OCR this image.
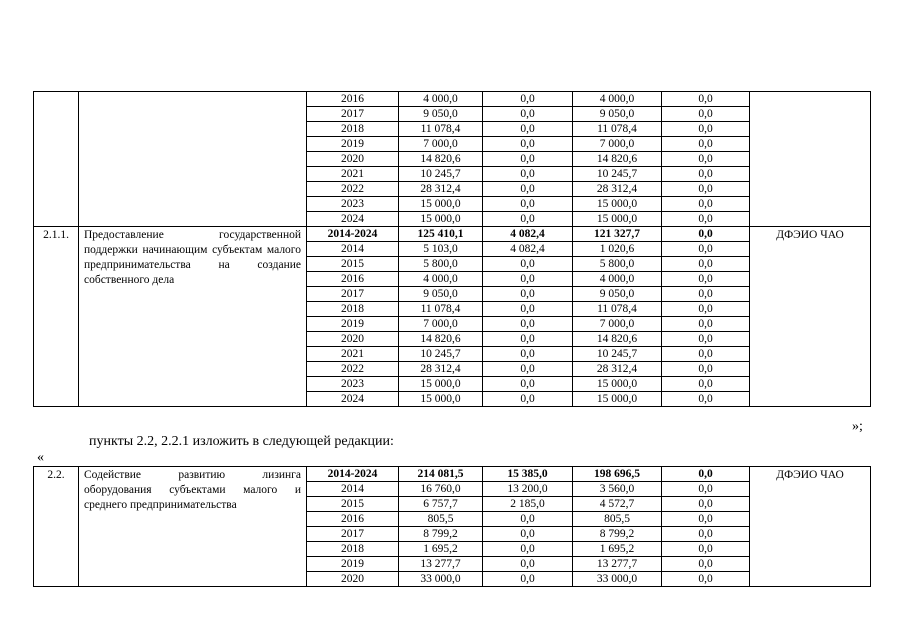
		2016	4 000,0	0,0	4 000,0	0,0	
		2017	9 050,0	0,0	9 050,0	0,0	
		2018	11 078,4	0,0	11 078,4	0,0	
		2019	7 000,0	0,0	7 000,0	0,0	
		2020	14 820,6	0,0	14 820,6	0,0	
		2021	10 245,7	0,0	10 245,7	0,0	
		2022	28 312,4	0,0	28 312,4	0,0	
		2023	15 000,0	0,0	15 000,0	0,0	
		2024	15 000,0	0,0	15 000,0	0,0	
2.1.1.	Предоставление государственной поддержки начинающим субъектам малого предпринимательства на создание собственного дела	2014-2024	125 410,1	4 082,4	121 327,7	0,0	ДФЭИО ЧАО
		2014	5 103,0	4 082,4	1 020,6	0,0	
		2015	5 800,0	0,0	5 800,0	0,0	
		2016	4 000,0	0,0	4 000,0	0,0	
		2017	9 050,0	0,0	9 050,0	0,0	
		2018	11 078,4	0,0	11 078,4	0,0	
		2019	7 000,0	0,0	7 000,0	0,0	
		2020	14 820,6	0,0	14 820,6	0,0	
		2021	10 245,7	0,0	10 245,7	0,0	
		2022	28 312,4	0,0	28 312,4	0,0	
		2023	15 000,0	0,0	15 000,0	0,0	
		2024	15 000,0	0,0	15 000,0	0,0	
»;
пункты 2.2, 2.2.1 изложить в следующей редакции:
«
2.2.	Содействие развитию лизинга оборудования субъектами малого и среднего предпринимательства	2014-2024	214 081,5	15 385,0	198 696,5	0,0	ДФЭИО ЧАО
		2014	16 760,0	13 200,0	3 560,0	0,0	
		2015	6 757,7	2 185,0	4 572,7	0,0	
		2016	805,5	0,0	805,5	0,0	
		2017	8 799,2	0,0	8 799,2	0,0	
		2018	1 695,2	0,0	1 695,2	0,0	
		2019	13 277,7	0,0	13 277,7	0,0	
		2020	33 000,0	0,0	33 000,0	0,0	
